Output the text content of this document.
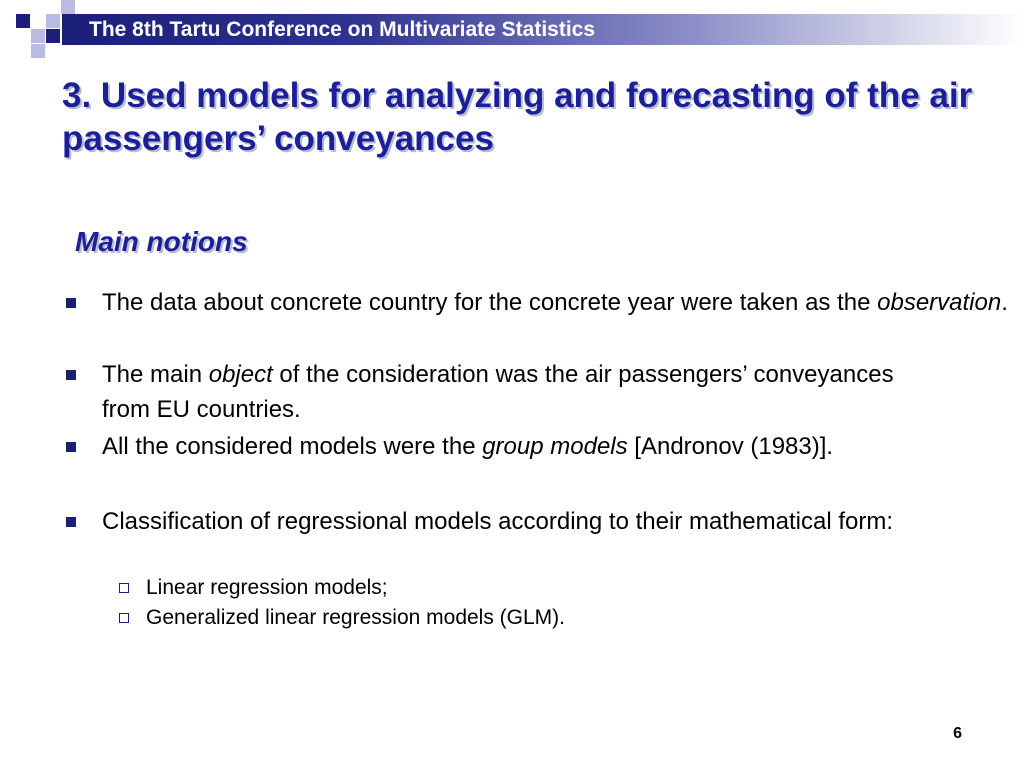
The 8th Tartu Conference on Multivariate Statistics
3. Used models for analyzing and forecasting of the air passengers’ conveyances
Main notions
The data about concrete country for the concrete year were taken as the observation.
The main object of the consideration was the air passengers’ conveyances from EU countries.
All the considered models were the group models [Andronov (1983)].
Classification of regressional models according to their mathematical form:
Linear regression models;
Generalized linear regression models (GLM).
6
